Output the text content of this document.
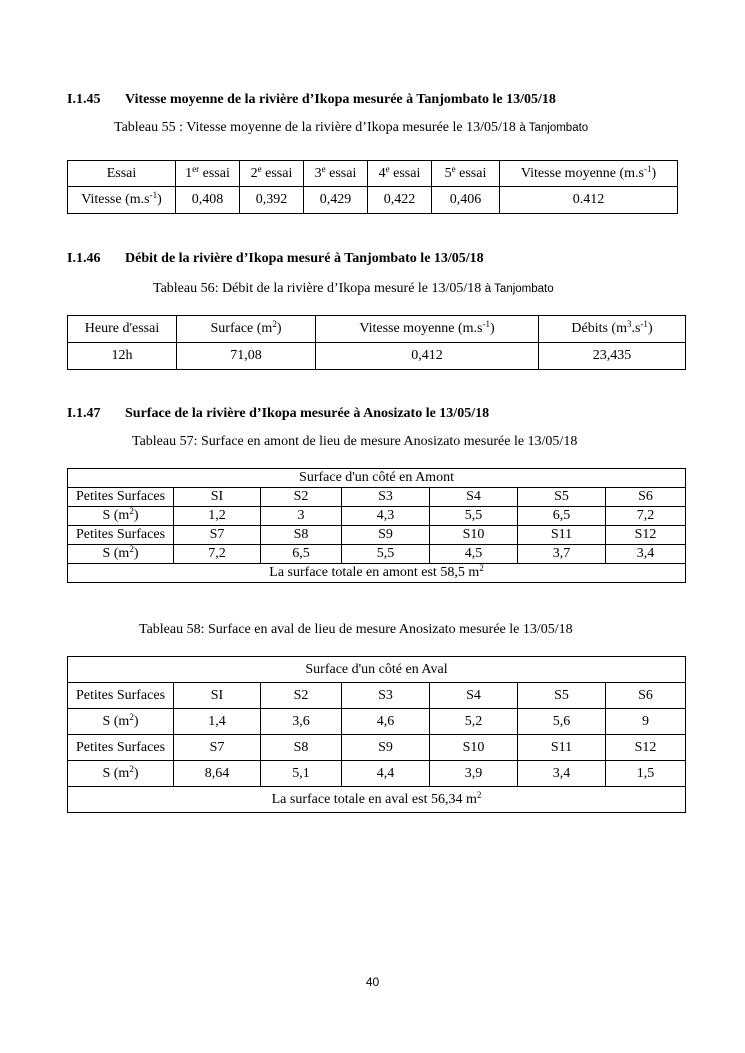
I.1.45 Vitesse moyenne de la rivière d’Ikopa mesurée à Tanjombato le 13/05/18
Tableau 55 : Vitesse moyenne de la rivière d’Ikopa mesurée le 13/05/18 à Tanjombato
Essai	1er essai	2e essai	3e essai	4e essai	5e essai	Vitesse moyenne $(m.s^{-1})$
Vitesse $(m.s^{-1})$	0,408	0,392	0,429	0,422	0,406	0.412
I.1.46 Débit de la rivière d’Ikopa mesuré à Tanjombato le 13/05/18
Tableau 56: Débit de la rivière d’Ikopa mesuré le 13/05/18 à Tanjombato
Heure d'essai	Surface $(m^2)$	Vitesse moyenne $(m.s^{-1})$	Débits $(m^3.s^{-1})$
12h	71,08	0,412	23,435
I.1.47 Surface de la rivière d’Ikopa mesurée à Anosizato le 13/05/18
Tableau 57: Surface en amont de lieu de mesure Anosizato mesurée le 13/05/18
Surface d'un côté en Amont						
Petites Surfaces	SI	S2	S3	S4	S5	S6
S $(m^2)$	1,2	3	4,3	5,5	6,5	7,2
Petites Surfaces	S7	S8	S9	S10	S11	S12
S $(m^2)$	7,2	6,5	5,5	4,5	3,7	3,4
La surface totale en amont est 58,5 $m^2$
Tableau 58: Surface en aval de lieu de mesure Anosizato mesurée le 13/05/18
Surface d'un côté en Aval						
Petites Surfaces	SI	S2	S3	S4	S5	S6
S $(m^2)$	1,4	3,6	4,6	5,2	5,6	9
Petites Surfaces	S7	S8	S9	S10	S11	S12
S $(m^2)$	8,64	5,1	4,4	3,9	3,4	1,5
La surface totale en aval est 56,34 $m^2$
40
